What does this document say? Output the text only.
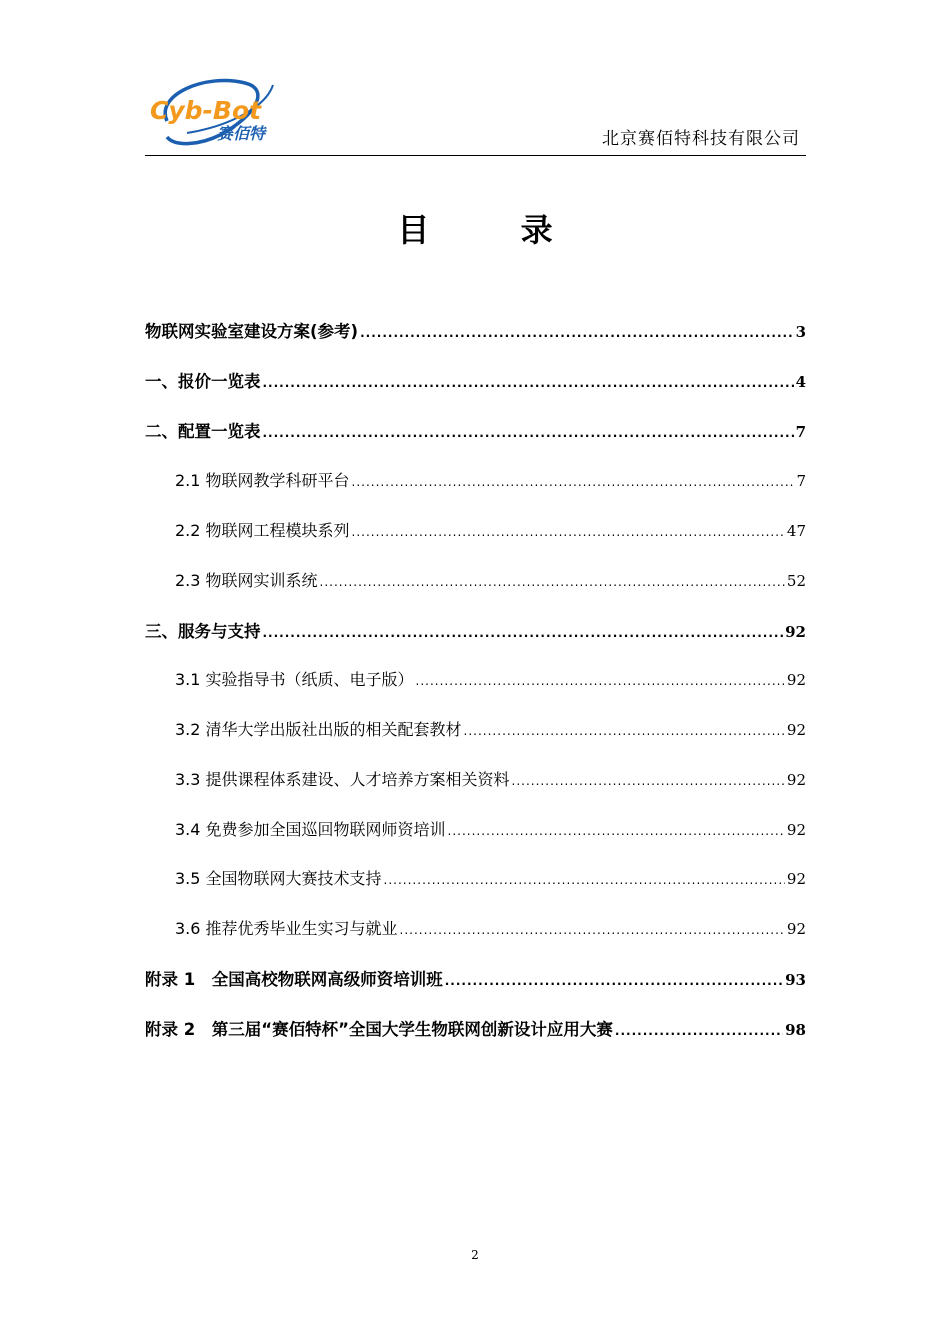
Cyb-Bot
赛佰特	北京赛佰特科技有限公司
目 录
物联网实验室建设方案(参考) .....	3
一、报价一览表 .....	4
二、配置一览表 .....	7
2.1 物联网教学科研平台 .....	7
2.2 物联网工程模块系列 .....	47
2.3 物联网实训系统 .....	52
三、服务与支持 .....	92
3.1 实验指导书（纸质、电子版） .....	92
3.2 清华大学出版社出版的相关配套教材 .....	92
3.3 提供课程体系建设、人才培养方案相关资料 .....	92
3.4 免费参加全国巡回物联网师资培训 .....	92
3.5 全国物联网大赛技术支持 .....	92
3.6 推荐优秀毕业生实习与就业 .....	92
附录 1　全国高校物联网高级师资培训班 .....	93
附录 2　第三届“赛佰特杯”全国大学生物联网创新设计应用大赛 .....	98
2
